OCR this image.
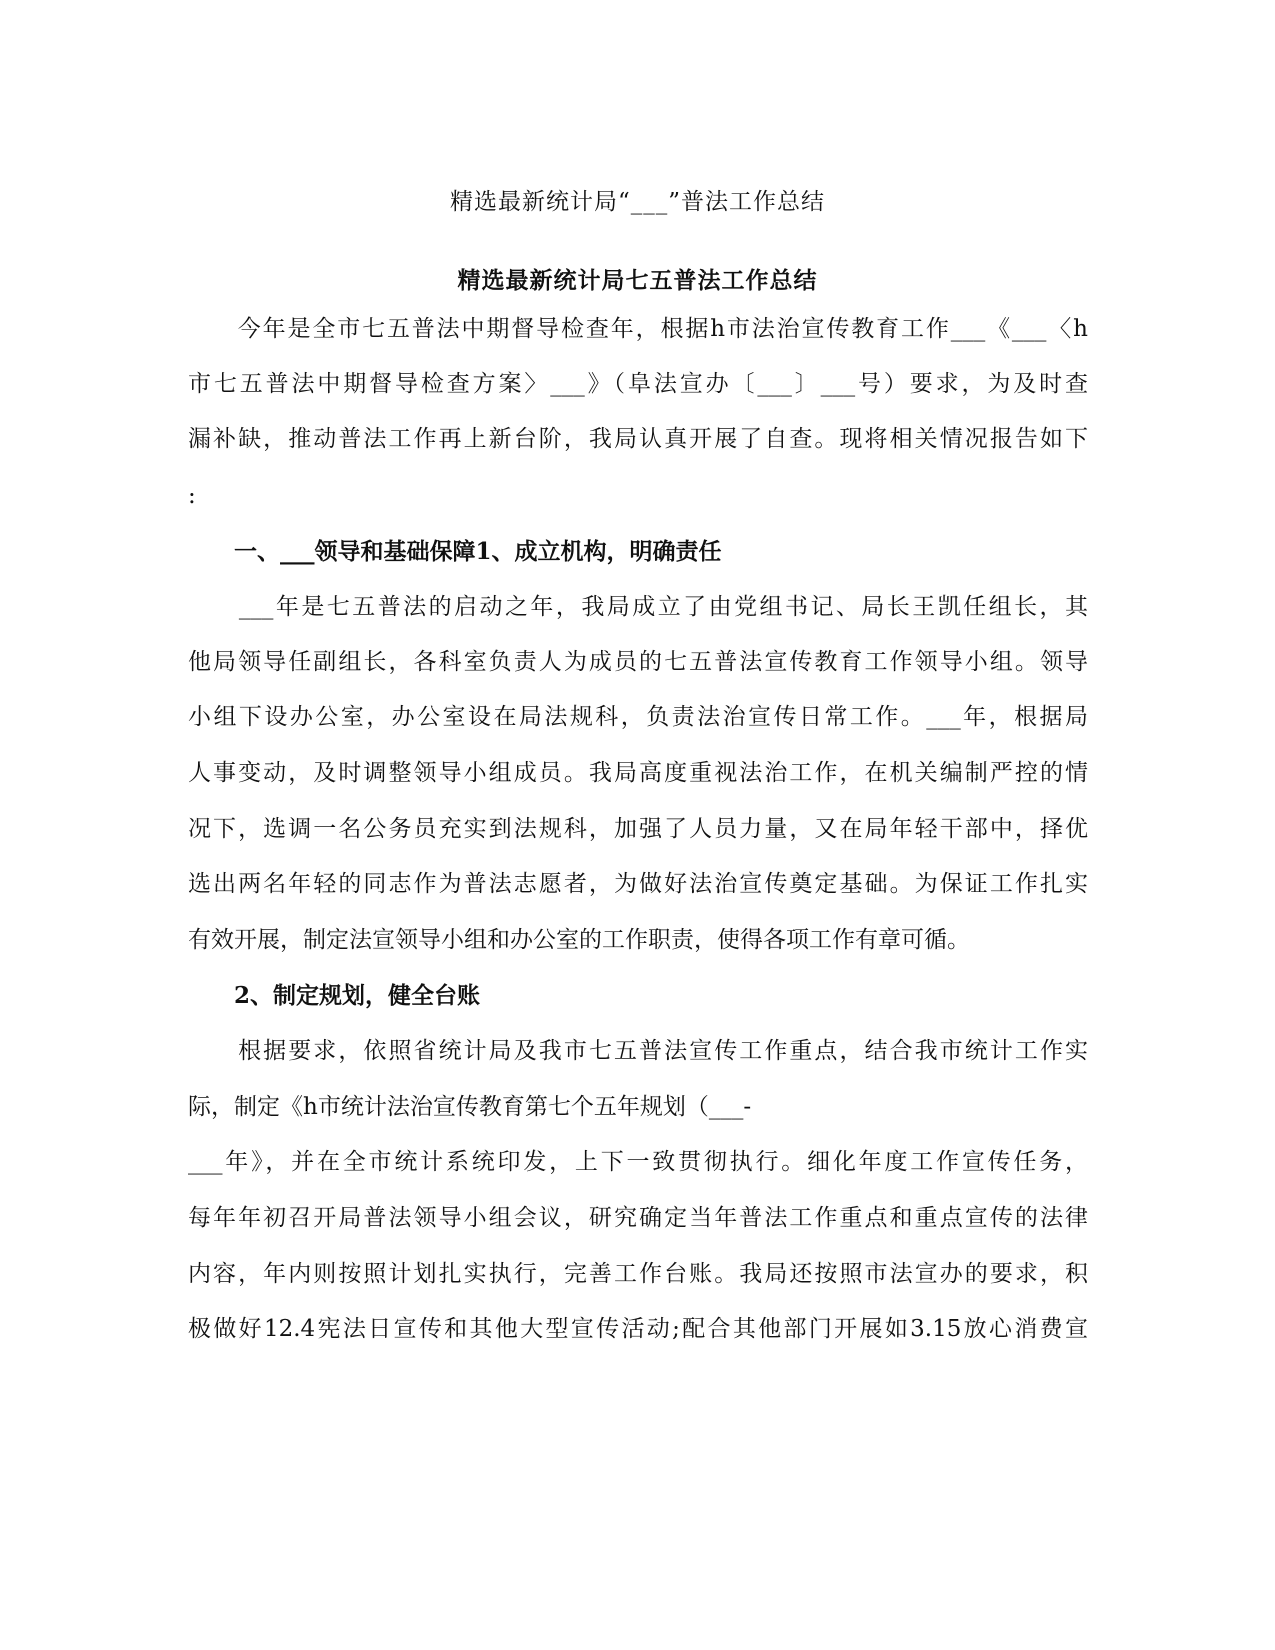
精选最新统计局“___”普法工作总结
精选最新统计局七五普法工作总结
　　今年是全市七五普法中期督导检查年，根据h市法治宣传教育工作___《___〈h
市七五普法中期督导检查方案〉___》（阜法宣办〔___〕___号）要求，为及时查
漏补缺，推动普法工作再上新台阶，我局认真开展了自查。现将相关情况报告如下
:
　　一、___领导和基础保障1、成立机构，明确责任
　　___年是七五普法的启动之年，我局成立了由党组书记、局长王凯任组长，其
他局领导任副组长，各科室负责人为成员的七五普法宣传教育工作领导小组。领导
小组下设办公室，办公室设在局法规科，负责法治宣传日常工作。___年，根据局
人事变动，及时调整领导小组成员。我局高度重视法治工作，在机关编制严控的情
况下，选调一名公务员充实到法规科，加强了人员力量，又在局年轻干部中，择优
选出两名年轻的同志作为普法志愿者，为做好法治宣传奠定基础。为保证工作扎实
有效开展，制定法宣领导小组和办公室的工作职责，使得各项工作有章可循。
　　2、制定规划，健全台账
　　根据要求，依照省统计局及我市七五普法宣传工作重点，结合我市统计工作实
际，制定《h市统计法治宣传教育第七个五年规划（___-
___年》，并在全市统计系统印发，上下一致贯彻执行。细化年度工作宣传任务，
每年年初召开局普法领导小组会议，研究确定当年普法工作重点和重点宣传的法律
内容，年内则按照计划扎实执行，完善工作台账。我局还按照市法宣办的要求，积
极做好12.4宪法日宣传和其他大型宣传活动;配合其他部门开展如3.15放心消费宣
